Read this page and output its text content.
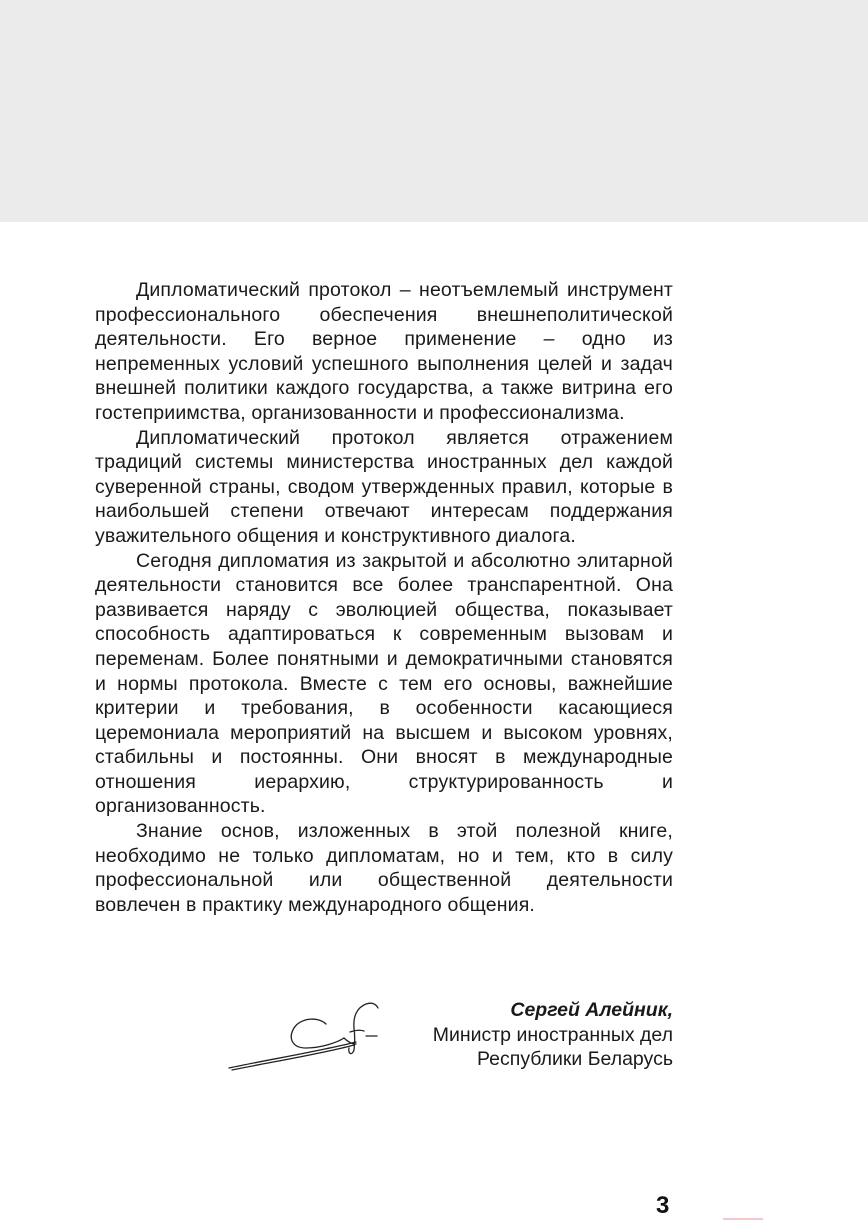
Дипломатический протокол – неотъемлемый инструмент профессионального обеспечения внешнеполитической деятельности. Его верное применение – одно из непременных условий успешного выполнения целей и задач внешней политики каждого государства, а также витрина его гостеприимства, организованности и профессионализма.

Дипломатический протокол является отражением традиций системы министерства иностранных дел каждой суверенной страны, сводом утвержденных правил, которые в наибольшей степени отвечают интересам поддержания уважительного общения и конструктивного диалога.

Сегодня дипломатия из закрытой и абсолютно элитарной деятельности становится все более транспарентной. Она развивается наряду с эволюцией общества, показывает способность адаптироваться к современным вызовам и переменам. Более понятными и демократичными становятся и нормы протокола. Вместе с тем его основы, важнейшие критерии и требования, в особенности касающиеся церемониала мероприятий на высшем и высоком уровнях, стабильны и постоянны. Они вносят в международные отношения иерархию, структурированность и организованность.

Знание основ, изложенных в этой полезной книге, необходимо не только дипломатам, но и тем, кто в силу профессиональной или общественной деятельности вовлечен в практику международного общения.

Сергей Алейник,
Министр иностранных дел
Республики Беларусь
3
